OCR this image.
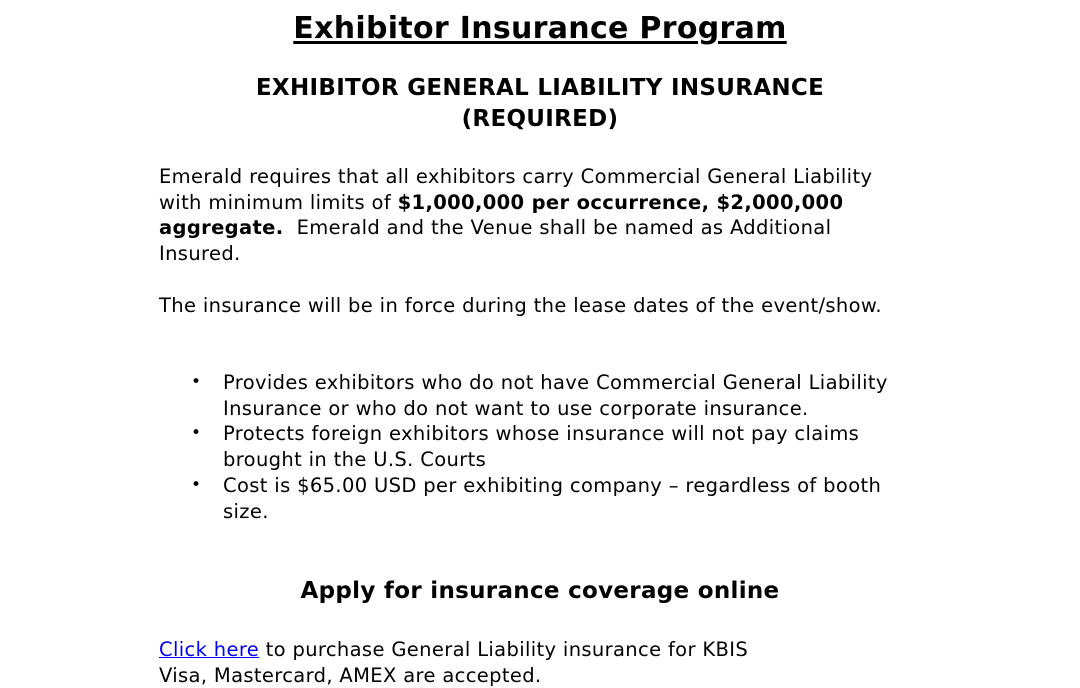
Exhibitor Insurance Program
EXHIBITOR GENERAL LIABILITY INSURANCE
(REQUIRED)
Emerald requires that all exhibitors carry Commercial General Liability with minimum limits of $1,000,000 per occurrence, $2,000,000 aggregate.  Emerald and the Venue shall be named as Additional Insured.
The insurance will be in force during the lease dates of the event/show.
• Provides exhibitors who do not have Commercial General Liability Insurance or who do not want to use corporate insurance.
• Protects foreign exhibitors whose insurance will not pay claims brought in the U.S. Courts
• Cost is $65.00 USD per exhibiting company – regardless of booth size.
Apply for insurance coverage online
Click here to purchase General Liability insurance for KBIS
Visa, Mastercard, AMEX are accepted.
